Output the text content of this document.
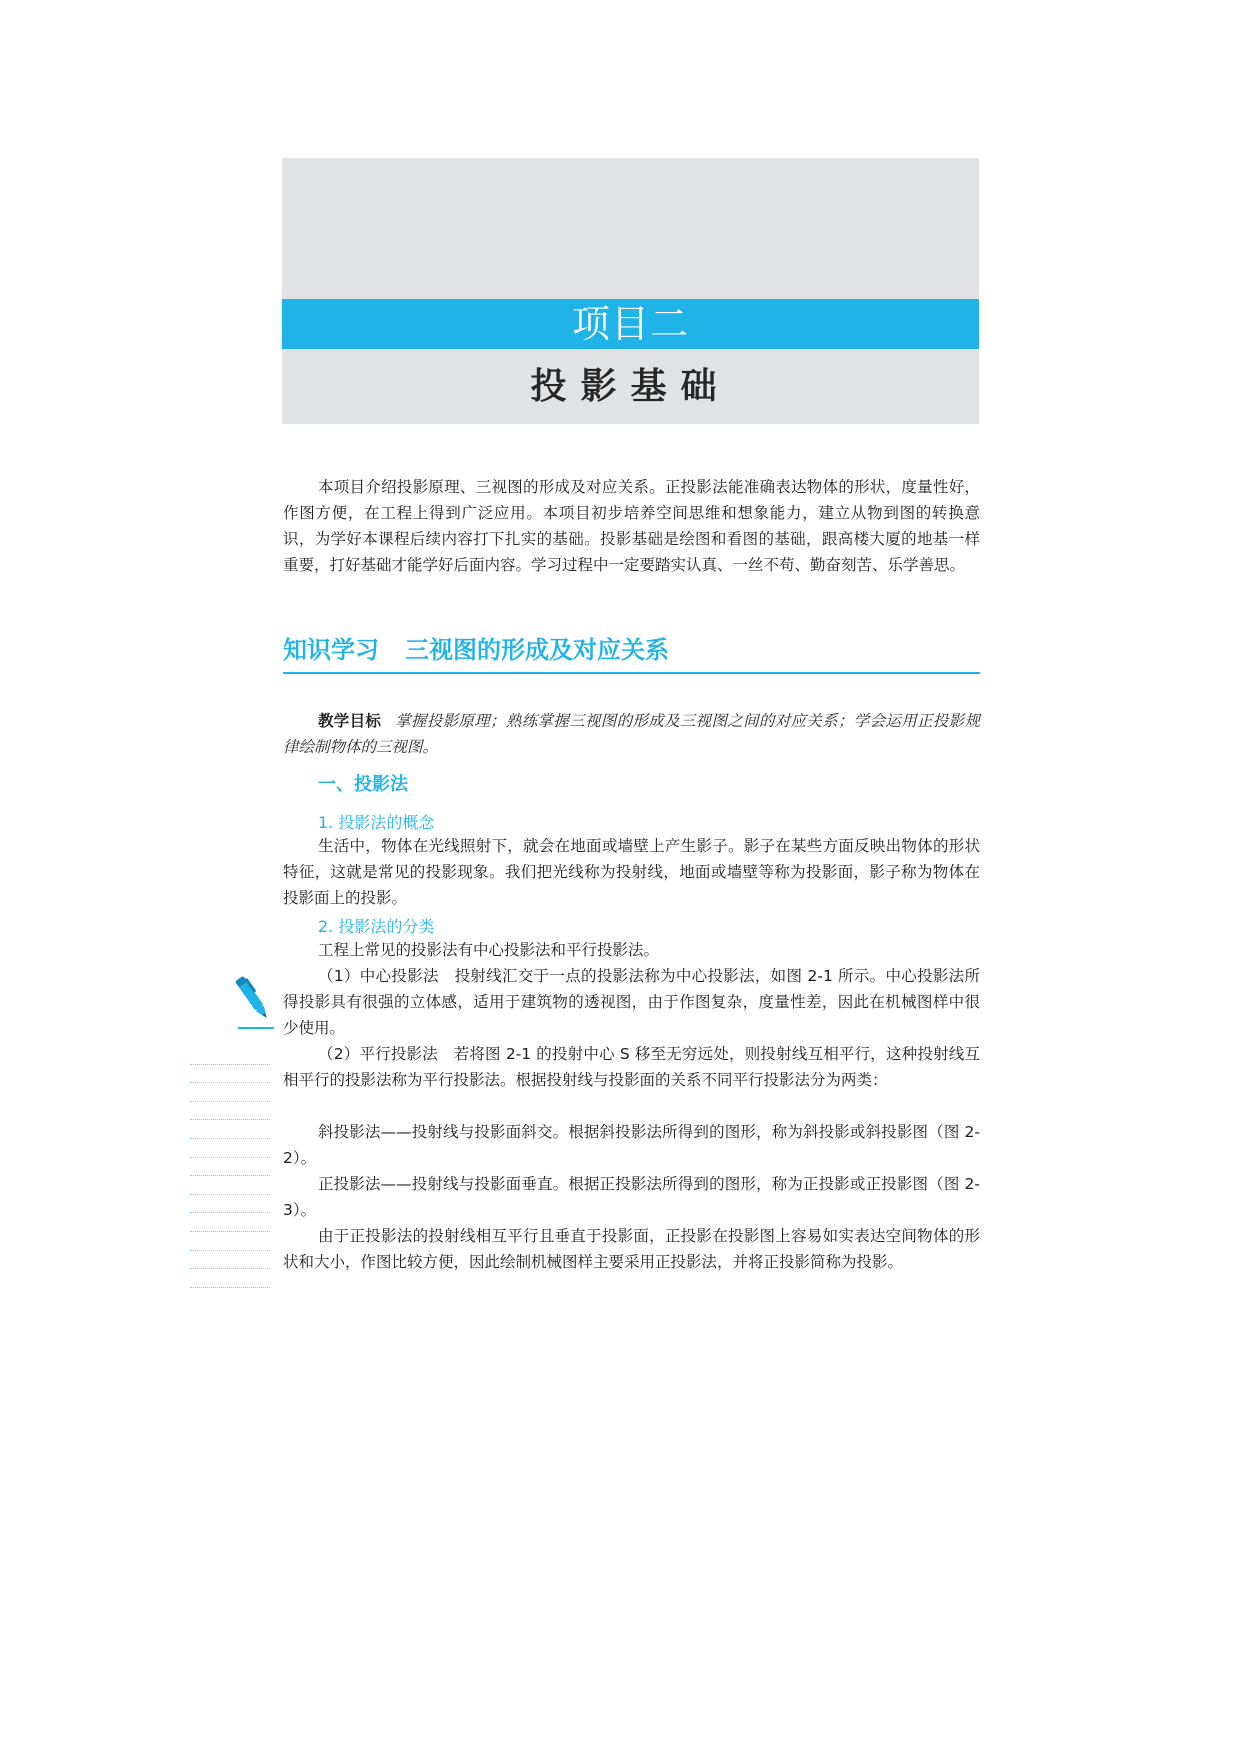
项目二
投影基础

本项目介绍投影原理、三视图的形成及对应关系。正投影法能准确表达物体的形状，度量性好，作图方便，在工程上得到广泛应用。本项目初步培养空间思维和想象能力，建立从物到图的转换意识，为学好本课程后续内容打下扎实的基础。投影基础是绘图和看图的基础，跟高楼大厦的地基一样重要，打好基础才能学好后面内容。学习过程中一定要踏实认真、一丝不苟、勤奋刻苦、乐学善思。

知识学习 三视图的形成及对应关系

教学目标 掌握投影原理；熟练掌握三视图的形成及三视图之间的对应关系；学会运用正投影规律绘制物体的三视图。

一、投影法
1. 投影法的概念

生活中，物体在光线照射下，就会在地面或墙壁上产生影子。影子在某些方面反映出物体的形状特征，这就是常见的投影现象。我们把光线称为投射线，地面或墙壁等称为投影面，影子称为物体在投影面上的投影。

2. 投影法的分类

工程上常见的投影法有中心投影法和平行投影法。

（1）中心投影法　投射线汇交于一点的投影法称为中心投影法，如图 2-1 所示。中心投影法所得投影具有很强的立体感，适用于建筑物的透视图，由于作图复杂，度量性差，因此在机械图样中很少使用。

（2）平行投影法　若将图 2-1 的投射中心 S 移至无穷远处，则投射线互相平行，这种投射线互相平行的投影法称为平行投影法。根据投射线与投影面的关系不同平行投影法分为两类：

斜投影法——投射线与投影面斜交。根据斜投影法所得到的图形，称为斜投影或斜投影图（图 2-2）。

正投影法——投射线与投影面垂直。根据正投影法所得到的图形，称为正投影或正投影图（图 2-3）。

由于正投影法的投射线相互平行且垂直于投影面，正投影在投影图上容易如实表达空间物体的形状和大小，作图比较方便，因此绘制机械图样主要采用正投影法，并将正投影简称为投影。
